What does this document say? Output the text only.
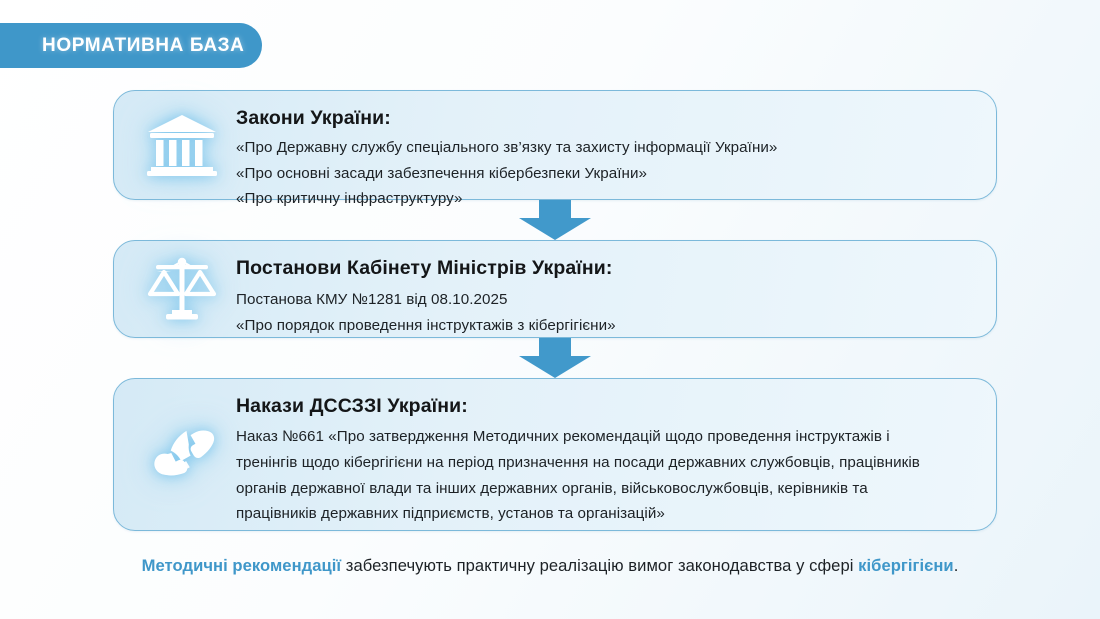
НОРМАТИВНА БАЗА
Закони України:
«Про Державну службу спеціального зв’язку та захисту інформації України»
«Про основні засади забезпечення кібербезпеки України»
«Про критичну інфраструктуру»
Постанови Кабінету Міністрів України:
Постанова КМУ №1281 від 08.10.2025
«Про порядок проведення інструктажів з кібергігієни»
Накази ДССЗЗІ України:

Наказ №661 «Про затвердження Методичних рекомендацій щодо проведення інструктажів і тренінгів щодо кібергігієни на період призначення на посади державних службовців, працівників органів державної влади та інших державних органів, військовослужбовців, керівників та працівників державних підприємств, установ та організацій»

Методичні рекомендації забезпечують практичну реалізацію вимог законодавства у сфері кібергігієни.
